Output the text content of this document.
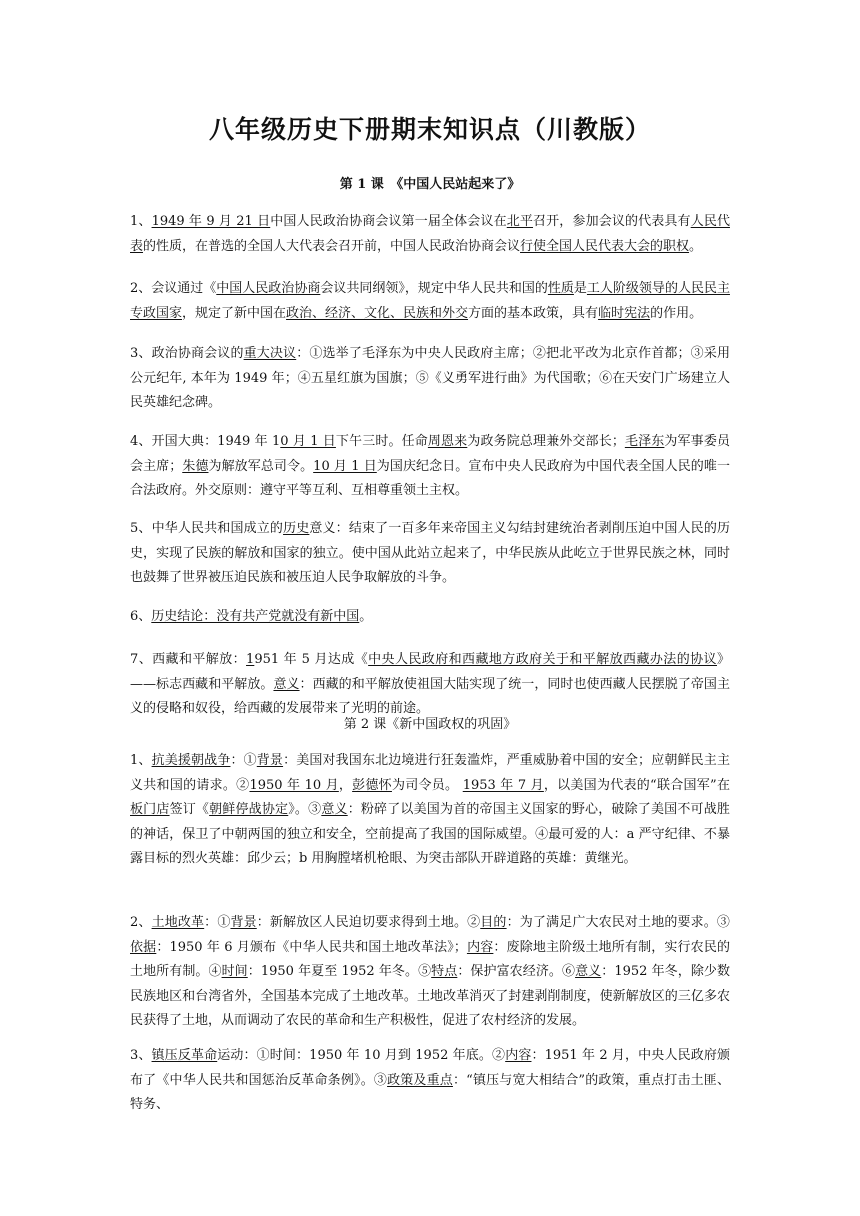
八年级历史下册期末知识点（川教版）

第 1 课　《中国人民站起来了》

1、1949 年 9 月 21 日中国人民政治协商会议第一届全体会议在北平召开，参加会议的代表具有人民代表的性质，在普选的全国人大代表会召开前，中国人民政治协商会议行使全国人民代表大会的职权。

2、会议通过《中国人民政治协商会议共同纲领》，规定中华人民共和国的性质是工人阶级领导的人民民主专政国家，规定了新中国在政治、经济、文化、民族和外交方面的基本政策，具有临时宪法的作用。

3、政治协商会议的重大决议：①选举了毛泽东为中央人民政府主席；②把北平改为北京作首都；③采用公元纪年, 本年为 1949 年；④五星红旗为国旗；⑤《义勇军进行曲》为代国歌；⑥在天安门广场建立人民英雄纪念碑。

4、开国大典：1949 年 10 月 1 日下午三时。任命周恩来为政务院总理兼外交部长；毛泽东为军事委员会主席；朱德为解放军总司令。10 月 1 日为国庆纪念日。宣布中央人民政府为中国代表全国人民的唯一合法政府。外交原则：遵守平等互利、互相尊重领土主权。

5、中华人民共和国成立的历史意义：结束了一百多年来帝国主义勾结封建统治者剥削压迫中国人民的历史，实现了民族的解放和国家的独立。使中国从此站立起来了，中华民族从此屹立于世界民族之林，同时也鼓舞了世界被压迫民族和被压迫人民争取解放的斗争。

6、历史结论：没有共产党就没有新中国。

7、西藏和平解放：1951 年 5 月达成《中央人民政府和西藏地方政府关于和平解放西藏办法的协议》——标志西藏和平解放。意义：西藏的和平解放使祖国大陆实现了统一，同时也使西藏人民摆脱了帝国主义的侵略和奴役，给西藏的发展带来了光明的前途。

第 2 课《新中国政权的巩固》

1、抗美援朝战争：①背景：美国对我国东北边境进行狂轰滥炸，严重威胁着中国的安全；应朝鲜民主主义共和国的请求。②1950 年 10 月，彭德怀为司令员。 1953 年 7 月，以美国为代表的“联合国军”在板门店签订《朝鲜停战协定》。③意义：粉碎了以美国为首的帝国主义国家的野心，破除了美国不可战胜的神话，保卫了中朝两国的独立和安全，空前提高了我国的国际威望。④最可爱的人：a 严守纪律、不暴露目标的烈火英雄：邱少云；b 用胸膛堵机枪眼、为突击部队开辟道路的英雄：黄继光。

2、土地改革：①背景：新解放区人民迫切要求得到土地。②目的：为了满足广大农民对土地的要求。③依据：1950 年 6 月颁布《中华人民共和国土地改革法》；内容：废除地主阶级土地所有制，实行农民的土地所有制。④时间：1950 年夏至 1952 年冬。⑤特点：保护富农经济。⑥意义：1952 年冬，除少数民族地区和台湾省外，全国基本完成了土地改革。土地改革消灭了封建剥削制度，使新解放区的三亿多农民获得了土地，从而调动了农民的革命和生产积极性，促进了农村经济的发展。

3、镇压反革命运动：①时间：1950 年 10 月到 1952 年底。②内容：1951 年 2 月，中央人民政府颁布了《中华人民共和国惩治反革命条例》。③政策及重点：“镇压与宽大相结合”的政策，重点打击土匪、特务、
